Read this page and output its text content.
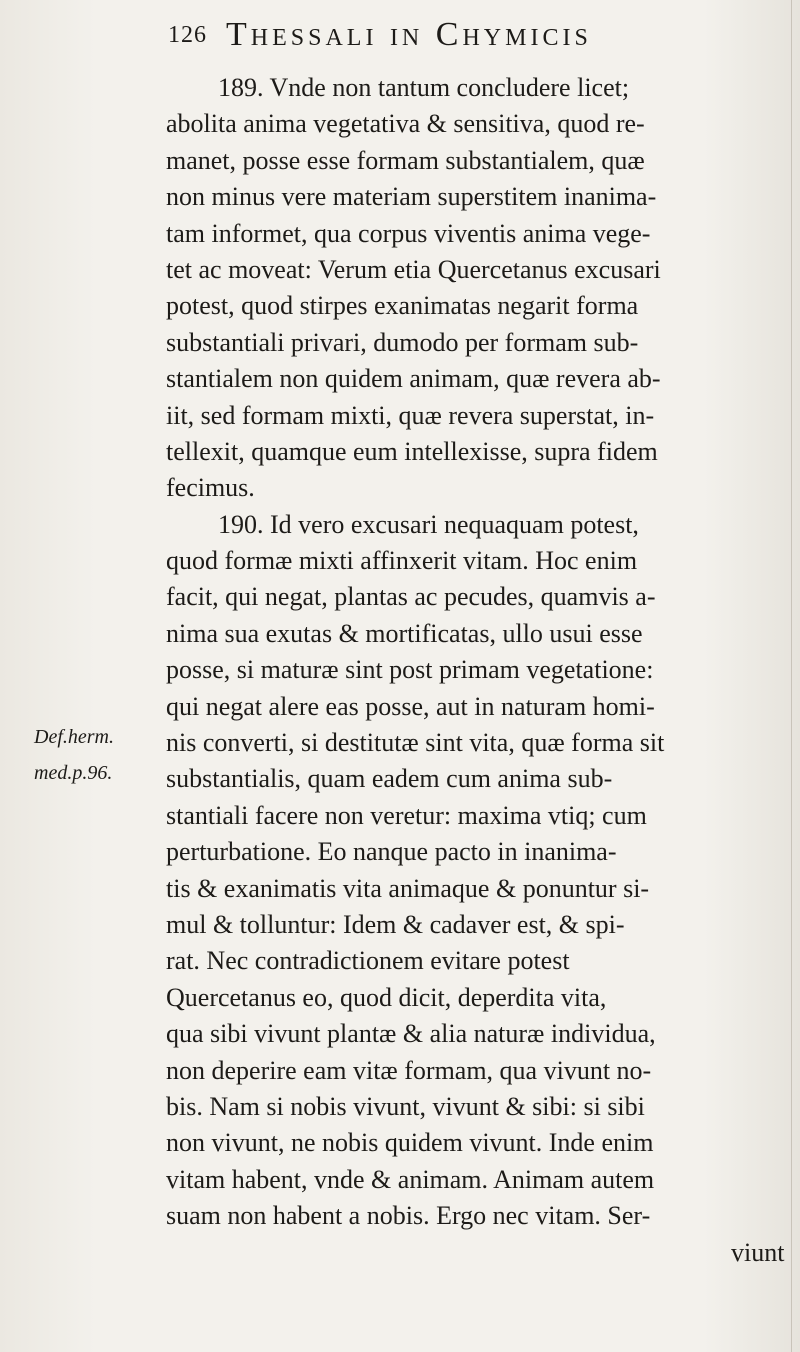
126 Thessali in Chymicis
189. Vnde non tantum concludere licet;
abolita anima vegetativa & sensitiva, quod re-
manet, posse esse formam substantialem, quæ
non minus vere materiam superstitem inanima-
tam informet, qua corpus viventis anima vege-
tet ac moveat: Verum etia Quercetanus excusari
potest, quod stirpes exanimatas negarit forma
substantiali privari, dumodo per formam sub-
stantialem non quidem animam, quæ revera ab-
iit, sed formam mixti, quæ revera superstat, in-
tellexit, quamque eum intellexisse, supra fidem
fecimus.
190. Id vero excusari nequaquam potest,
quod formæ mixti affinxerit vitam. Hoc enim
facit, qui negat, plantas ac pecudes, quamvis a-
nima sua exutas & mortificatas, ullo usui esse
posse, si maturæ sint post primam vegetatione:
qui negat alere eas posse, aut in naturam homi-
nis converti, si destitutæ sint vita, quæ forma sit
substantialis, quam eadem cum anima sub-
stantiali facere non veretur: maxima vtiq; cum
perturbatione. Eo nanque pacto in inanima-
tis & exanimatis vita animaque & ponuntur si-
mul & tolluntur: Idem & cadaver est, & spi-
rat. Nec contradictionem evitare potest
Quercetanus eo, quod dicit, deperdita vita,
qua sibi vivunt plantæ & alia naturæ individua,
non deperire eam vitæ formam, qua vivunt no-
bis. Nam si nobis vivunt, vivunt & sibi: si sibi
non vivunt, ne nobis quidem vivunt. Inde enim
vitam habent, vnde & animam. Animam autem
suam non habent a nobis. Ergo nec vitam. Ser-
viunt
Def.herm.
med.p.96.
